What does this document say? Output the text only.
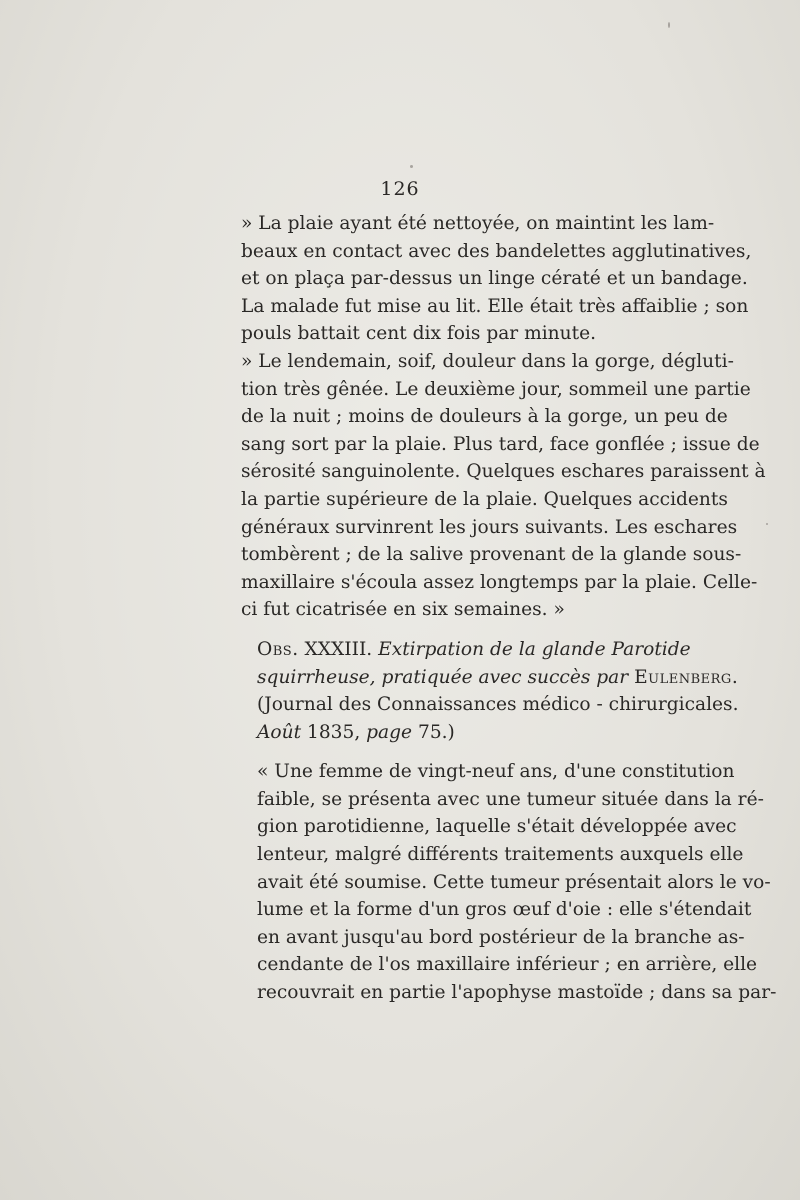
126

» La plaie ayant été nettoyée, on maintint les lam-
beaux en contact avec des bandelettes agglutinatives,
et on plaça par-dessus un linge cératé et un bandage.
La malade fut mise au lit. Elle était très affaiblie ; son
pouls battait cent dix fois par minute.

» Le lendemain, soif, douleur dans la gorge, dégluti-
tion très gênée. Le deuxième jour, sommeil une partie
de la nuit ; moins de douleurs à la gorge, un peu de
sang sort par la plaie. Plus tard, face gonflée ; issue de
sérosité sanguinolente. Quelques eschares paraissent à
la partie supérieure de la plaie. Quelques accidents
généraux survinrent les jours suivants. Les eschares
tombèrent ; de la salive provenant de la glande sous-
maxillaire s'écoula assez longtemps par la plaie. Celle-
ci fut cicatrisée en six semaines. »

Obs. XXXIII. Extirpation de la glande Parotide
squirrheuse, pratiquée avec succès par Eulenberg.
(Journal des Connaissances médico - chirurgicales.
Août 1835, page 75.)

« Une femme de vingt-neuf ans, d'une constitution
faible, se présenta avec une tumeur située dans la ré-
gion parotidienne, laquelle s'était développée avec
lenteur, malgré différents traitements auxquels elle
avait été soumise. Cette tumeur présentait alors le vo-
lume et la forme d'un gros œuf d'oie : elle s'étendait
en avant jusqu'au bord postérieur de la branche as-
cendante de l'os maxillaire inférieur ; en arrière, elle
recouvrait en partie l'apophyse mastoïde ; dans sa par-
